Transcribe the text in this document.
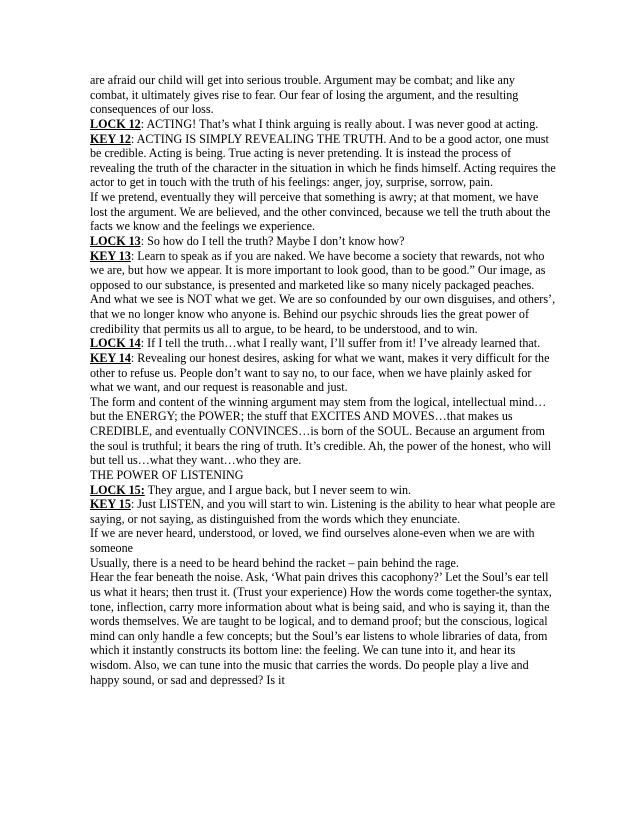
are afraid our child will get into serious trouble. Argument may be combat; and like any combat, it ultimately gives rise to fear. Our fear of losing the argument, and the resulting consequences of our loss.

LOCK 12: ACTING! That’s what I think arguing is really about. I was never good at acting.

KEY 12: ACTING IS SIMPLY REVEALING THE TRUTH. And to be a good actor, one must be credible. Acting is being. True acting is never pretending. It is instead the process of revealing the truth of the character in the situation in which he finds himself. Acting requires the actor to get in touch with the truth of his feelings: anger, joy, surprise, sorrow, pain.

If we pretend, eventually they will perceive that something is awry; at that moment, we have lost the argument. We are believed, and the other convinced, because we tell the truth about the facts we know and the feelings we experience.

LOCK 13: So how do I tell the truth? Maybe I don’t know how?

KEY 13: Learn to speak as if you are naked. We have become a society that rewards, not who we are, but how we appear. It is more important to look good, than to be good.” Our image, as opposed to our substance, is presented and marketed like so many nicely packaged peaches. And what we see is NOT what we get. We are so confounded by our own disguises, and others’, that we no longer know who anyone is. Behind our psychic shrouds lies the great power of credibility that permits us all to argue, to be heard, to be understood, and to win.

LOCK 14: If I tell the truth…what I really want, I’ll suffer from it! I’ve already learned that.

KEY 14: Revealing our honest desires, asking for what we want, makes it very difficult for the other to refuse us. People don’t want to say no, to our face, when we have plainly asked for what we want, and our request is reasonable and just.

The form and content of the winning argument may stem from the logical, intellectual mind…but the ENERGY; the POWER; the stuff that EXCITES AND MOVES…that makes us CREDIBLE, and eventually CONVINCES…is born of the SOUL. Because an argument from the soul is truthful; it bears the ring of truth. It’s credible. Ah, the power of the honest, who will but tell us…what they want…who they are.

THE POWER OF LISTENING

LOCK 15: They argue, and I argue back, but I never seem to win.

KEY 15: Just LISTEN, and you will start to win. Listening is the ability to hear what people are saying, or not saying, as distinguished from the words which they enunciate.

If we are never heard, understood, or loved, we find ourselves alone-even when we are with someone

Usually, there is a need to be heard behind the racket – pain behind the rage.

Hear the fear beneath the noise. Ask, ‘What pain drives this cacophony?’ Let the Soul’s ear tell us what it hears; then trust it. (Trust your experience) How the words come together-the syntax, tone, inflection, carry more information about what is being said, and who is saying it, than the words themselves. We are taught to be logical, and to demand proof; but the conscious, logical mind can only handle a few concepts; but the Soul’s ear listens to whole libraries of data, from which it instantly constructs its bottom line: the feeling. We can tune into it, and hear its wisdom. Also, we can tune into the music that carries the words. Do people play a live and happy sound, or sad and depressed? Is it
